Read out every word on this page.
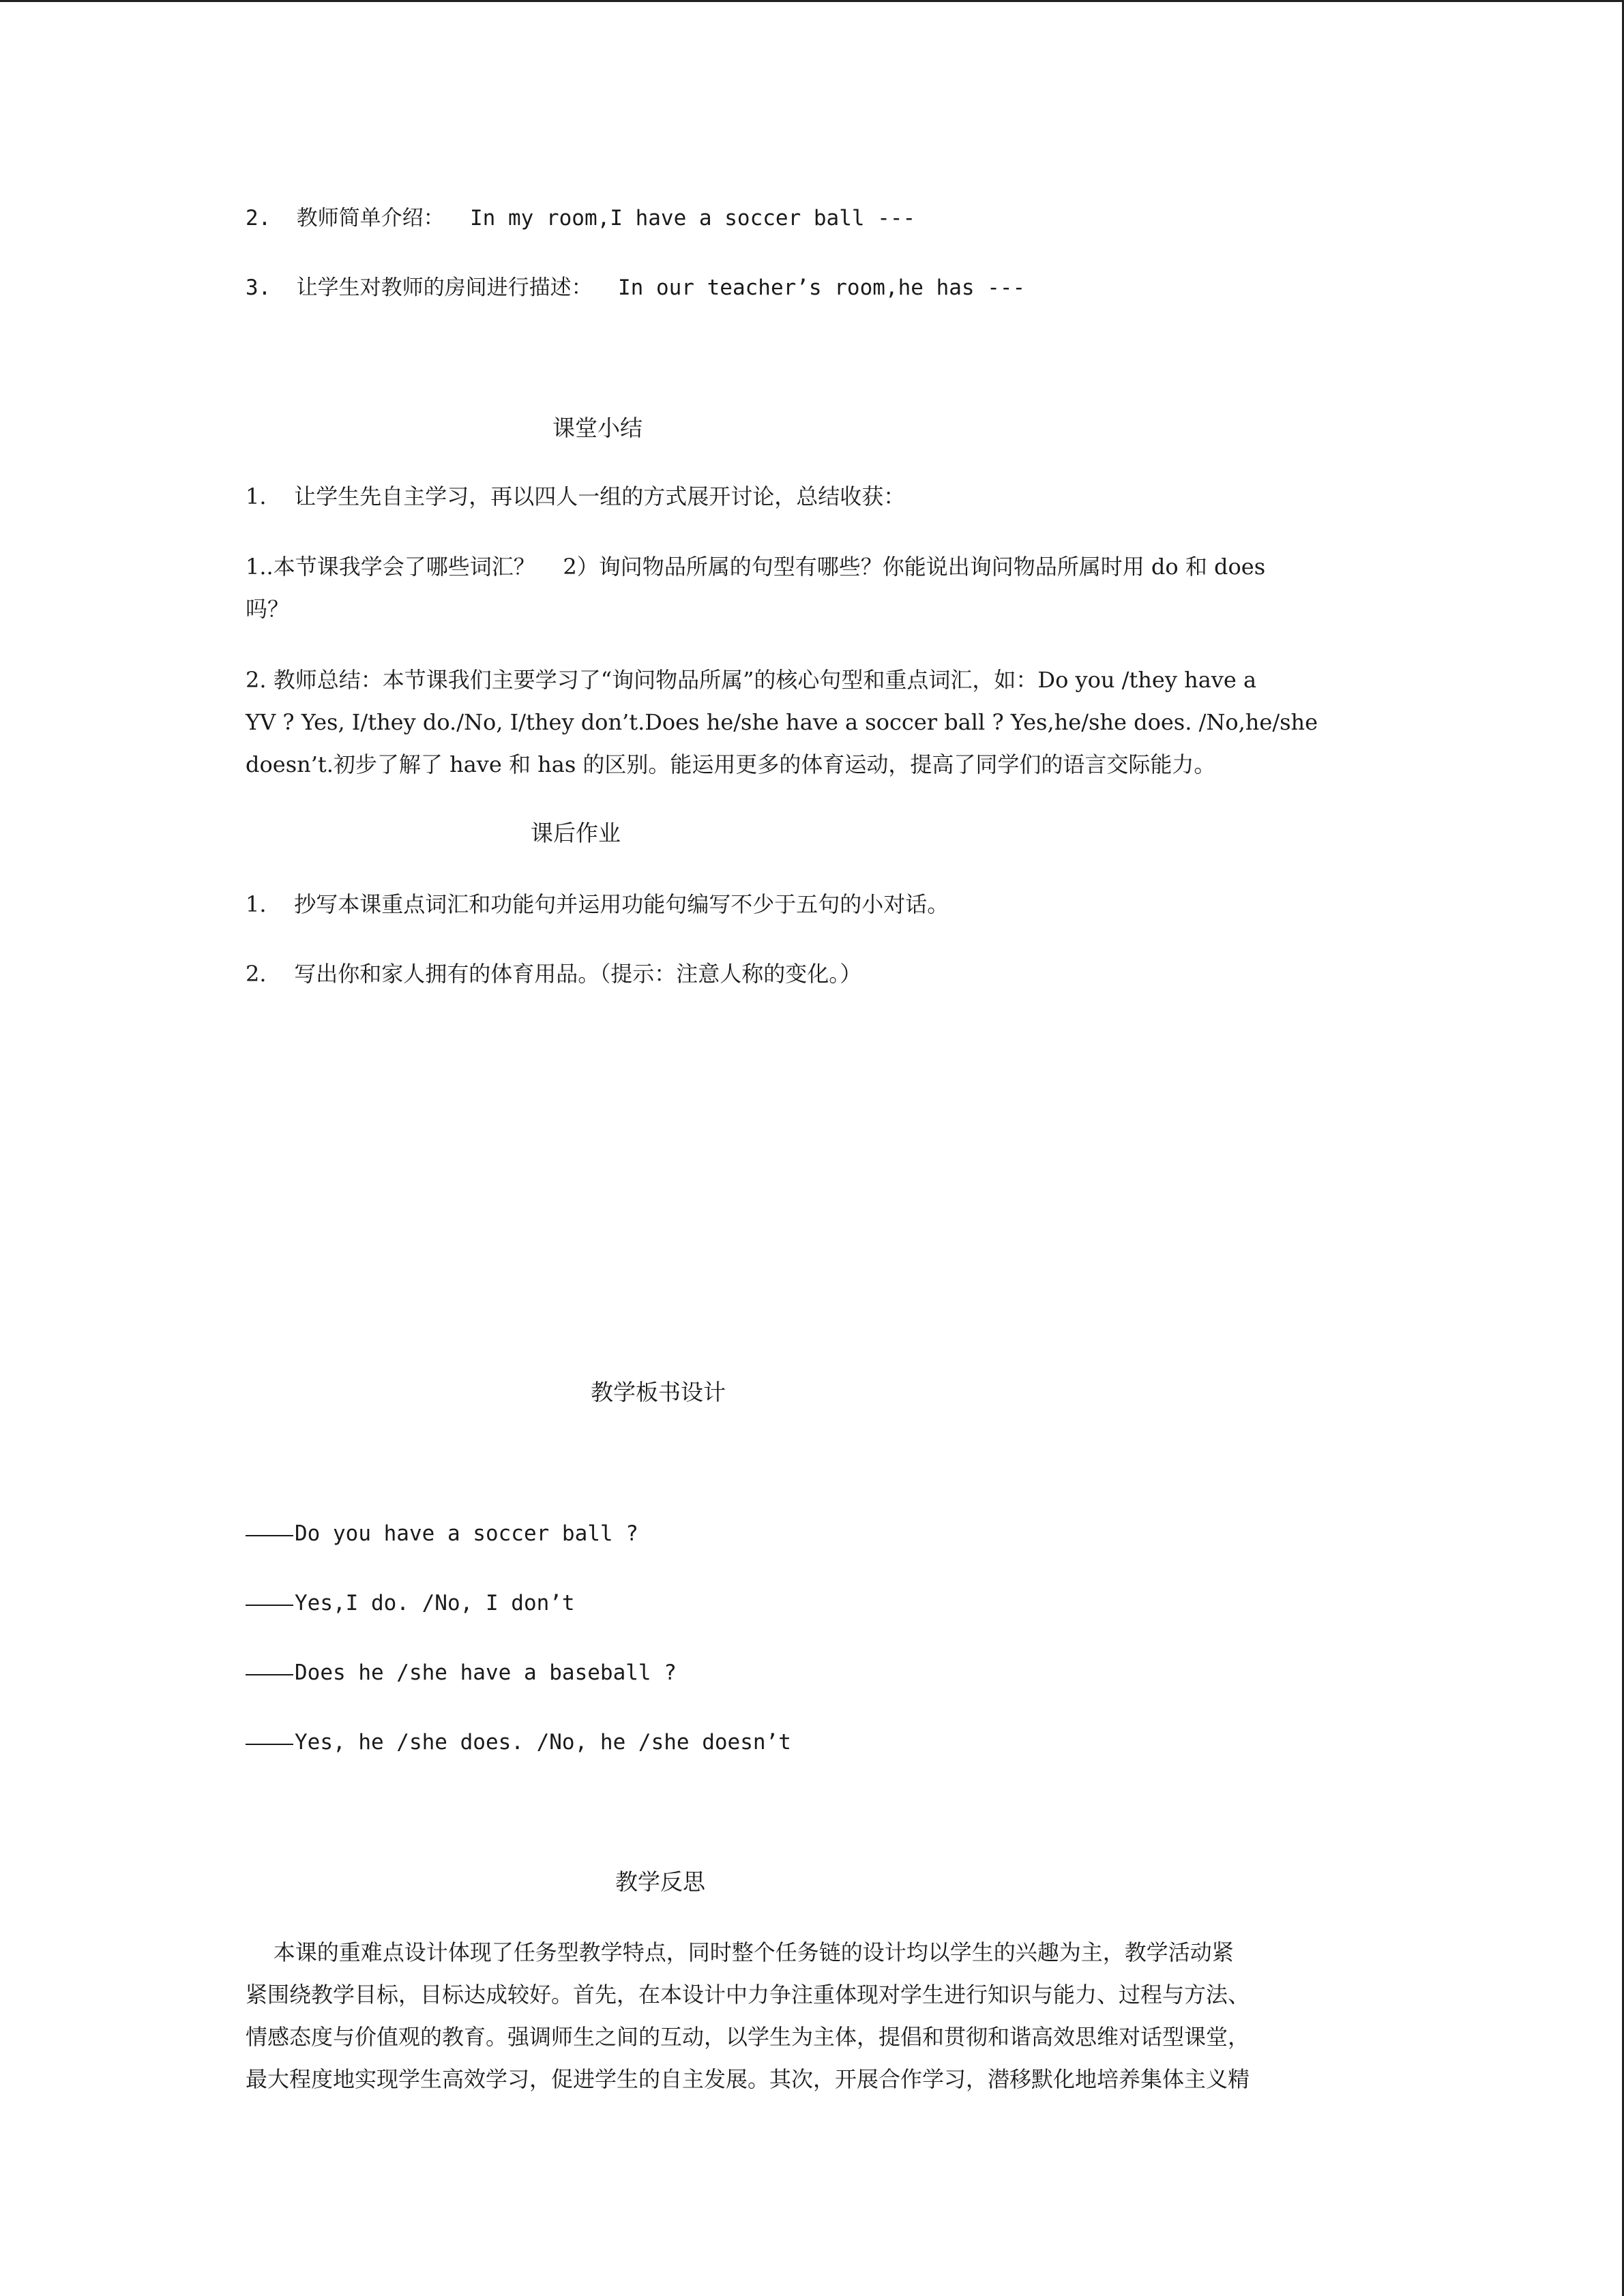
2.  教师简单介绍：  In my room,I have a soccer ball ---
3.  让学生对教师的房间进行描述：  In our teacher’s room,he has ---
课堂小结
1.    让学生先自主学习，再以四人一组的方式展开讨论，总结收获：
1..本节课我学会了哪些词汇？    2）询问物品所属的句型有哪些？你能说出询问物品所属时用 do 和 does
吗？
2. 教师总结：本节课我们主要学习了“询问物品所属”的核心句型和重点词汇，如：Do you /they have a
YV ? Yes, I/they do./No, I/they don’t.Does he/she have a soccer ball ? Yes,he/she does. /No,he/she
doesn’t.初步了解了 have 和 has 的区别。能运用更多的体育运动，提高了同学们的语言交际能力。
课后作业
1.    抄写本课重点词汇和功能句并运用功能句编写不少于五句的小对话。
2.    写出你和家人拥有的体育用品。（提示：注意人称的变化。）
教学板书设计
Do you have a soccer ball ?
Yes,I do. /No, I don’t
Does he /she have a baseball ?
Yes, he /she does. /No, he /she doesn’t
教学反思
本课的重难点设计体现了任务型教学特点，同时整个任务链的设计均以学生的兴趣为主，教学活动紧
紧围绕教学目标，目标达成较好。首先，在本设计中力争注重体现对学生进行知识与能力、过程与方法、
情感态度与价值观的教育。强调师生之间的互动，以学生为主体，提倡和贯彻和谐高效思维对话型课堂，
最大程度地实现学生高效学习，促进学生的自主发展。其次，开展合作学习，潜移默化地培养集体主义精
